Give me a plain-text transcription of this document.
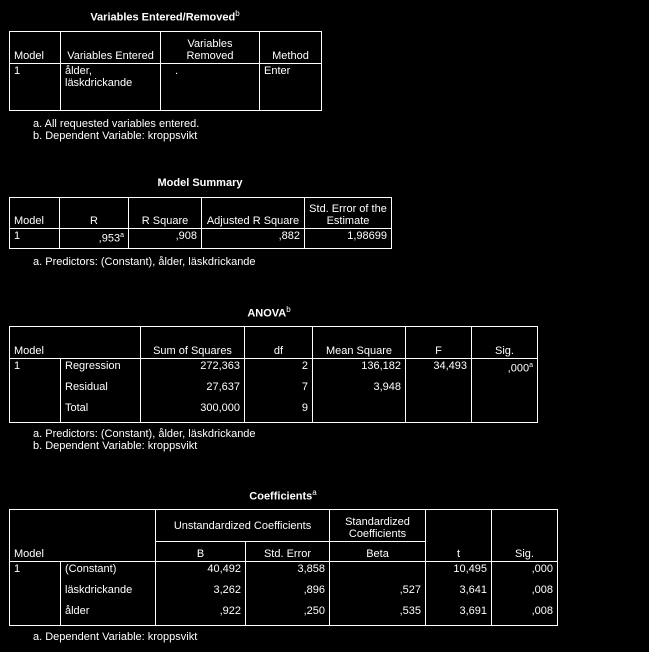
Variables Entered/Removed$^b$
Model	Variables Entered	Variables Removed	Method
1	ålder, läskdrickande	.	Enter
a. All requested variables entered.
b. Dependent Variable: kroppsvikt
Model Summary
Model	R	R Square	Adjusted R Square	Std. Error of the Estimate
1	,953$^a$	,908	,882	1,98699
a. Predictors: (Constant), ålder, läskdrickande
ANOVA$^b$
Model		Sum of Squares	df	Mean Square	F	Sig.
1	Regression	272,363	2	136,182	34,493	,000$^a$
	Residual	27,637	7	3,948		
	Total	300,000	9			
a. Predictors: (Constant), ålder, läskdrickande
b. Dependent Variable: kroppsvikt
Coefficients$^a$
Model		Unstandardized Coefficients		Standardized Coefficients	t	Sig.
		B	Std. Error	Beta		
1	(Constant)	40,492	3,858		10,495	,000
	läskdrickande	3,262	,896	,527	3,641	,008
	ålder	,922	,250	,535	3,691	,008
a. Dependent Variable: kroppsvikt
